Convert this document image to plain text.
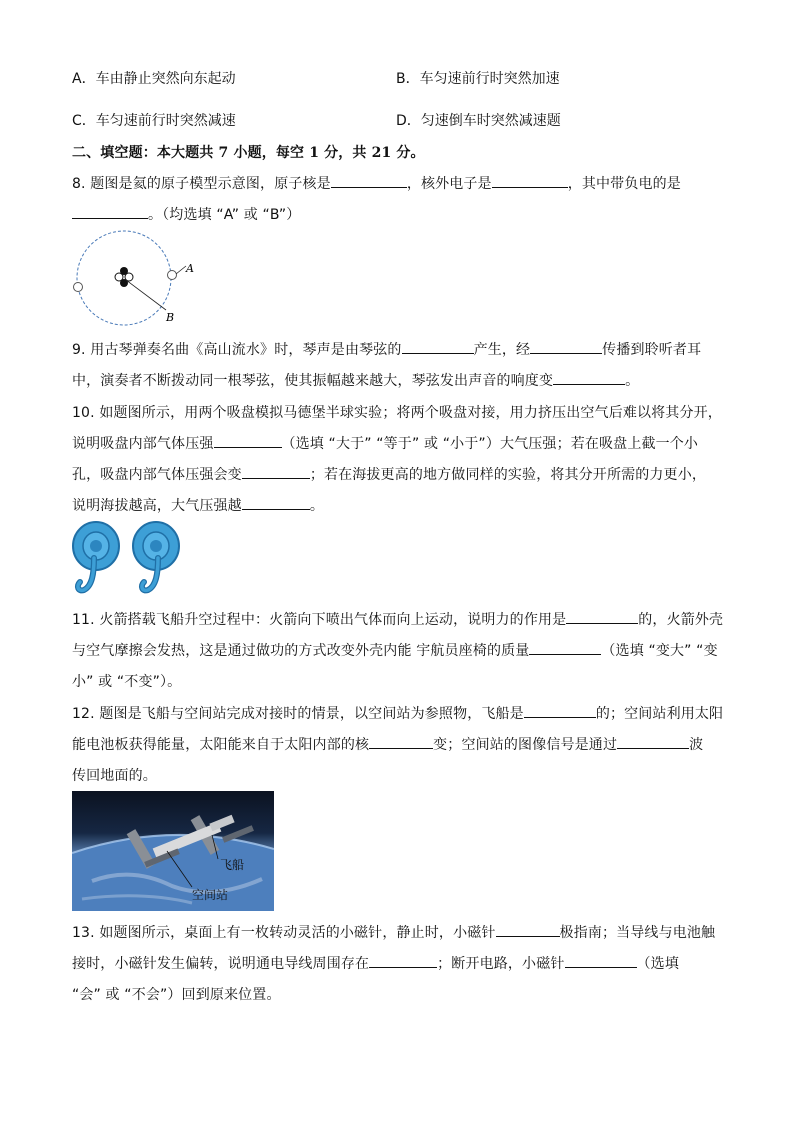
A．车由静止突然向东起动	B．车匀速前行时突然加速
C．车匀速前行时突然减速	D．匀速倒车时突然减速题
二、填空题：本大题共 7 小题，每空 1 分，共 21 分。
8. 题图是氦的原子模型示意图，原子核是	，核外电子是	，其中带负电的是
。（均选填 “A” 或 “B”）
A
B
9. 用古琴弹奏名曲《高山流水》时，琴声是由琴弦的	产生，经	传播到聆听者耳
中，演奏者不断拨动同一根琴弦，使其振幅越来越大，琴弦发出声音的响度变	。
10. 如题图所示，用两个吸盘模拟马德堡半球实验；将两个吸盘对接，用力挤压出空气后难以将其分开，
说明吸盘内部气体压强	（选填 “大于” “等于” 或 “小于”）大气压强；若在吸盘上截一个小
孔，吸盘内部气体压强会变	；若在海拔更高的地方做同样的实验，将其分开所需的力更小，
说明海拔越高，大气压强越	。
11. 火箭搭载飞船升空过程中：火箭向下喷出气体而向上运动，说明力的作用是	的，火箭外壳
与空气摩擦会发热，这是通过做功的方式改变外壳内能 宇航员座椅的质量	（选填 “变大” “变
小” 或 “不变”）。
12. 题图是飞船与空间站完成对接时的情景，以空间站为参照物，飞船是	的；空间站利用太阳
能电池板获得能量，太阳能来自于太阳内部的核	变；空间站的图像信号是通过	波
传回地面的。
飞船
空间站
13. 如题图所示，桌面上有一枚转动灵活的小磁针，静止时，小磁针	极指南；当导线与电池触
接时，小磁针发生偏转，说明通电导线周围存在	；断开电路，小磁针	（选填
“会” 或 “不会”）回到原来位置。
